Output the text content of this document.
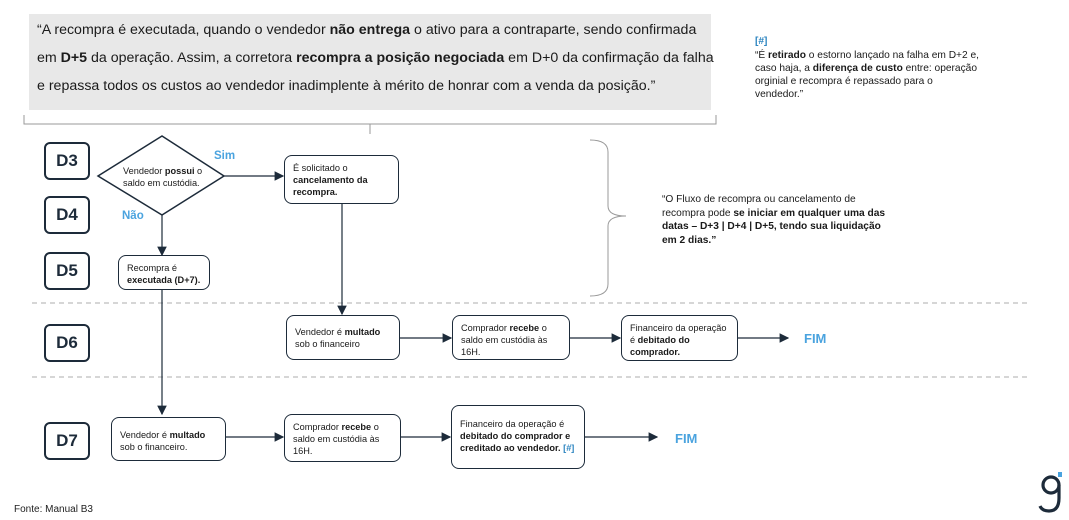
“A recompra é executada, quando o vendedor não entrega o ativo para a contraparte, sendo confirmada
em D+5 da operação. Assim, a corretora recompra a posição negociada em D+0 da confirmação da falha
e repassa todos os custos ao vendedor inadimplente à mérito de honrar com a venda da posição.”
[#]
“É retirado o estorno lançado na falha em D+2 e,
caso haja, a diferença de custo entre: operação
orginial e recompra é repassado para o
vendedor.”
D3
D4
D5
D6
D7
Vendedor possui o
saldo em custódia.
Sim
Não
É solicitado o
cancelamento da
recompra.
Recompra é
executada (D+7).
Vendedor é multado
sob o financeiro
Comprador recebe o
saldo em custódia às
16H.
Financeiro da operação
é debitado do
comprador.
FIM
Vendedor é multado
sob o financeiro.
Comprador recebe o
saldo em custódia às
16H.
Financeiro da operação é
debitado do comprador e
creditado ao vendedor. [#]
FIM
“O Fluxo de recompra ou cancelamento de
recompra pode se iniciar em qualquer uma das
datas – D+3 | D+4 | D+5, tendo sua liquidação
em 2 dias.”
Fonte: Manual B3
